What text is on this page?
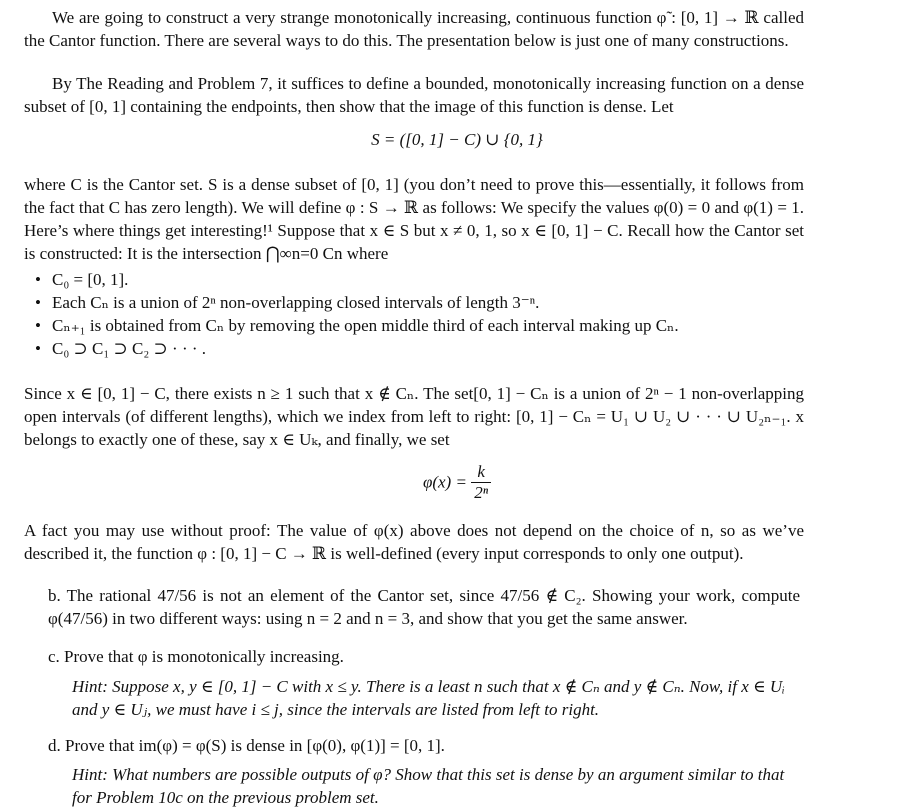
We are going to construct a very strange monotonically increasing, continuous function φ̃ : [0, 1] → ℝ called the Cantor function. There are several ways to do this. The presentation below is just one of many constructions.
By The Reading and Problem 7, it suffices to define a bounded, monotonically increasing function on a dense subset of [0, 1] containing the endpoints, then show that the image of this function is dense. Let
S = ([0, 1] − C) ∪ {0, 1}
where C is the Cantor set. S is a dense subset of [0, 1] (you don’t need to prove this—essentially, it follows from the fact that C has zero length). We will define φ : S → ℝ as follows: We specify the values φ(0) = 0 and φ(1) = 1. Here’s where things get interesting!¹ Suppose that x ∈ S but x ≠ 0, 1, so x ∈ [0, 1] − C. Recall how the Cantor set is constructed: It is the intersection ⋂∞n=0 Cn where
• C₀ = [0, 1].
• Each Cₙ is a union of 2ⁿ non-overlapping closed intervals of length 3⁻ⁿ.
• Cₙ₊₁ is obtained from Cₙ by removing the open middle third of each interval making up Cₙ.
• C₀ ⊃ C₁ ⊃ C₂ ⊃ · · · .
Since x ∈ [0, 1] − C, there exists n ≥ 1 such that x ∉ Cₙ. The set[0, 1] − Cₙ is a union of 2ⁿ − 1 non-overlapping open intervals (of different lengths), which we index from left to right: [0, 1] − Cₙ = U₁ ∪ U₂ ∪ · · · ∪ U₂ₙ₋₁. x belongs to exactly one of these, say x ∈ Uₖ, and finally, we set
$\varphi(x) = \frac{k}{\text{2ⁿ}}$
A fact you may use without proof: The value of φ(x) above does not depend on the choice of n, so as we’ve described it, the function φ : [0, 1] − C → ℝ is well-defined (every input corresponds to only one output).
b. The rational 47/56 is not an element of the Cantor set, since 47/56 ∉ C₂. Showing your work, compute φ(47/56) in two different ways: using n = 2 and n = 3, and show that you get the same answer.
c. Prove that φ is monotonically increasing.
Hint: Suppose x, y ∈ [0, 1] − C with x ≤ y. There is a least n such that x ∉ Cₙ and y ∉ Cₙ. Now, if x ∈ Uᵢ and y ∈ Uⱼ, we must have i ≤ j, since the intervals are listed from left to right.
d. Prove that im(φ) = φ(S) is dense in [φ(0), φ(1)] = [0, 1].
Hint: What numbers are possible outputs of φ? Show that this set is dense by an argument similar to that for Problem 10c on the previous problem set.
